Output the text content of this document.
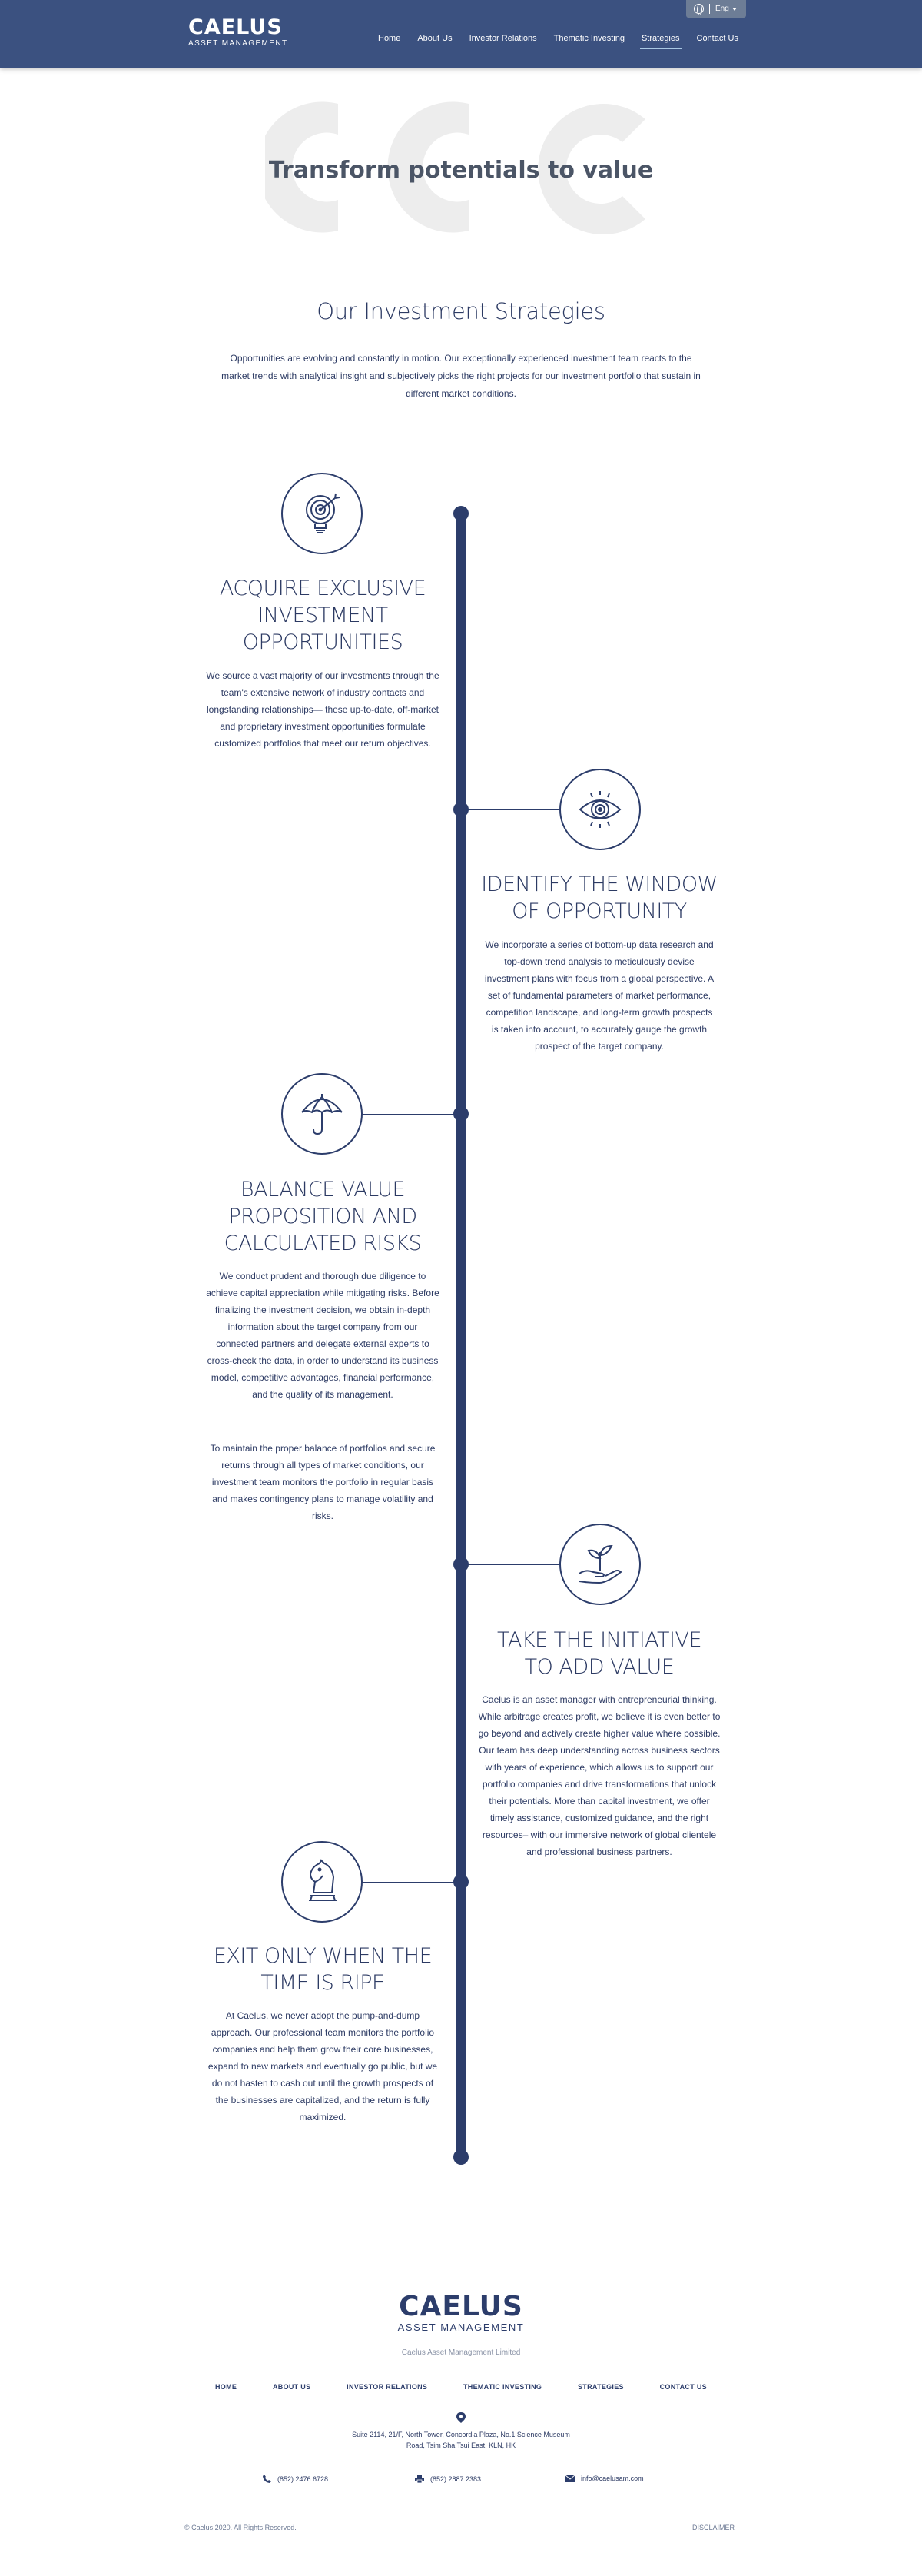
CAELUS
ASSET MANAGEMENT
Eng
Home About Us Investor Relations Thematic Investing Strategies Contact Us
Transform potentials to value
Our Investment Strategies
Opportunities are evolving and constantly in motion. Our exceptionally experienced investment team reacts to the market trends with analytical insight and subjectively picks the right projects for our investment portfolio that sustain in different market conditions.
ACQUIRE EXCLUSIVE
INVESTMENT
OPPORTUNITIES
We source a vast majority of our investments through the team's extensive network of industry contacts and longstanding relationships— these up-to-date, off-market and proprietary investment opportunities formulate customized portfolios that meet our return objectives.
IDENTIFY THE WINDOW
OF OPPORTUNITY
We incorporate a series of bottom-up data research and top-down trend analysis to meticulously devise investment plans with focus from a global perspective. A set of fundamental parameters of market performance, competition landscape, and long-term growth prospects is taken into account, to accurately gauge the growth prospect of the target company.
BALANCE VALUE
PROPOSITION AND
CALCULATED RISKS
We conduct prudent and thorough due diligence to achieve capital appreciation while mitigating risks. Before finalizing the investment decision, we obtain in-depth information about the target company from our connected partners and delegate external experts to cross-check the data, in order to understand its business model, competitive advantages, financial performance, and the quality of its management.
To maintain the proper balance of portfolios and secure returns through all types of market conditions, our investment team monitors the portfolio in regular basis and makes contingency plans to manage volatility and risks.
TAKE THE INITIATIVE
TO ADD VALUE
Caelus is an asset manager with entrepreneurial thinking. While arbitrage creates profit, we believe it is even better to go beyond and actively create higher value where possible. Our team has deep understanding across business sectors with years of experience, which allows us to support our portfolio companies and drive transformations that unlock their potentials. More than capital investment, we offer timely assistance, customized guidance, and the right resources– with our immersive network of global clientele and professional business partners.
EXIT ONLY WHEN THE
TIME IS RIPE
At Caelus, we never adopt the pump-and-dump approach. Our professional team monitors the portfolio companies and help them grow their core businesses, expand to new markets and eventually go public, but we do not hasten to cash out until the growth prospects of the businesses are capitalized, and the return is fully maximized.
CAELUS
ASSET MANAGEMENT
Caelus Asset Management Limited
HOME	ABOUT US	INVESTOR RELATIONS	THEMATIC INVESTING	STRATEGIES	CONTACT US
Suite 2114, 21/F, North Tower, Concordia Plaza, No.1 Science Museum
Road, Tsim Sha Tsui East, KLN, HK
(852) 2476 6728	(852) 2887 2383	info@caelusam.com
© Caelus 2020. All Rights Reserved.	DISCLAIMER
